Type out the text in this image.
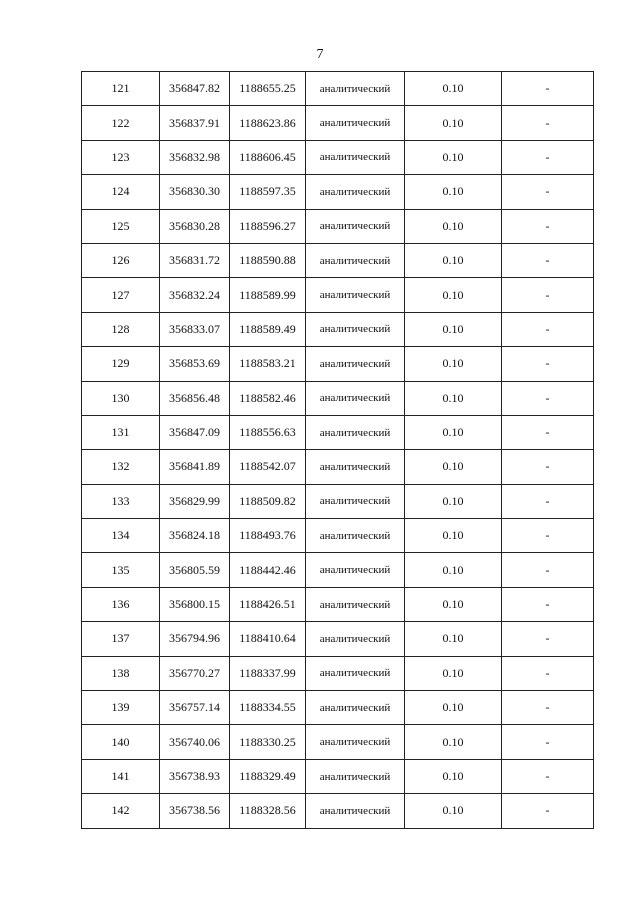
7
121	356847.82	1188655.25	аналитический	0.10	-
122	356837.91	1188623.86	аналитический	0.10	-
123	356832.98	1188606.45	аналитический	0.10	-
124	356830.30	1188597.35	аналитический	0.10	-
125	356830.28	1188596.27	аналитический	0.10	-
126	356831.72	1188590.88	аналитический	0.10	-
127	356832.24	1188589.99	аналитический	0.10	-
128	356833.07	1188589.49	аналитический	0.10	-
129	356853.69	1188583.21	аналитический	0.10	-
130	356856.48	1188582.46	аналитический	0.10	-
131	356847.09	1188556.63	аналитический	0.10	-
132	356841.89	1188542.07	аналитический	0.10	-
133	356829.99	1188509.82	аналитический	0.10	-
134	356824.18	1188493.76	аналитический	0.10	-
135	356805.59	1188442.46	аналитический	0.10	-
136	356800.15	1188426.51	аналитический	0.10	-
137	356794.96	1188410.64	аналитический	0.10	-
138	356770.27	1188337.99	аналитический	0.10	-
139	356757.14	1188334.55	аналитический	0.10	-
140	356740.06	1188330.25	аналитический	0.10	-
141	356738.93	1188329.49	аналитический	0.10	-
142	356738.56	1188328.56	аналитический	0.10	-
